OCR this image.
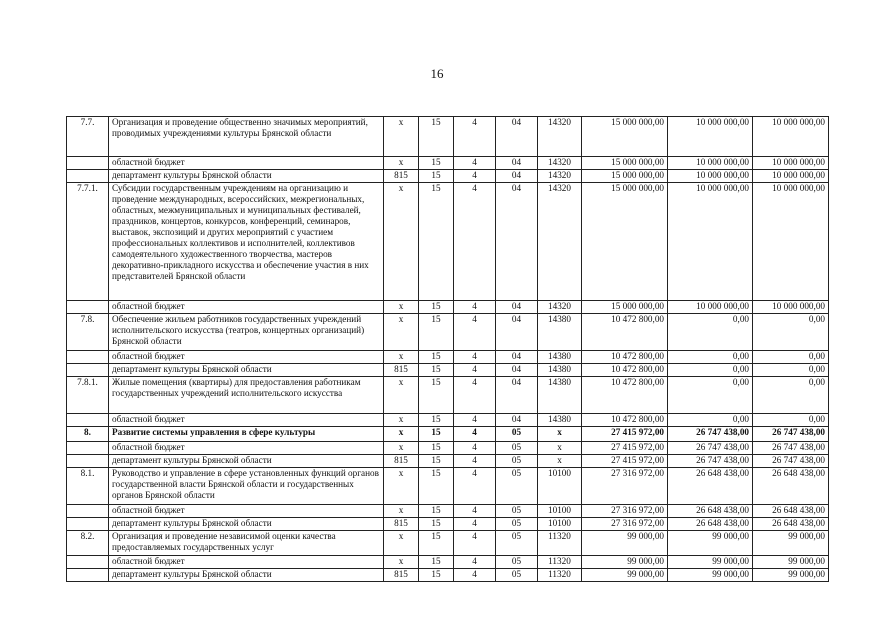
16
7.7.	Организация и проведение общественно значимых мероприятий, проводимых учреждениями культуры Брянской области	х	15	4	04	14320	15 000 000,00	10 000 000,00	10 000 000,00
	областной бюджет	х	15	4	04	14320	15 000 000,00	10 000 000,00	10 000 000,00
	департамент культуры Брянской области	815	15	4	04	14320	15 000 000,00	10 000 000,00	10 000 000,00
7.7.1.	Субсидии государственным учреждениям на организацию и проведение международных, всероссийских, межрегиональных, областных, межмуниципальных и муниципальных фестивалей, праздников, концертов, конкурсов, конференций, семинаров, выставок, экспозиций и других мероприятий с участием профессиональных коллективов и исполнителей, коллективов самодеятельного художественного творчества, мастеров декоративно-прикладного искусства и обеспечение участия в них представителей Брянской области	х	15	4	04	14320	15 000 000,00	10 000 000,00	10 000 000,00
	областной бюджет	х	15	4	04	14320	15 000 000,00	10 000 000,00	10 000 000,00
7.8.	Обеспечение жильем работников государственных учреждений исполнительского искусства (театров, концертных организаций) Брянской области	х	15	4	04	14380	10 472 800,00	0,00	0,00
	областной бюджет	х	15	4	04	14380	10 472 800,00	0,00	0,00
	департамент культуры Брянской области	815	15	4	04	14380	10 472 800,00	0,00	0,00
7.8.1.	Жилые помещения (квартиры) для предоставления работникам государственных учреждений исполнительского искусства	х	15	4	04	14380	10 472 800,00	0,00	0,00
	областной бюджет	х	15	4	04	14380	10 472 800,00	0,00	0,00
8.	Развитие системы управления в сфере культуры	х	15	4	05	х	27 415 972,00	26 747 438,00	26 747 438,00
	областной бюджет	х	15	4	05	х	27 415 972,00	26 747 438,00	26 747 438,00
	департамент культуры Брянской области	815	15	4	05	х	27 415 972,00	26 747 438,00	26 747 438,00
8.1.	Руководство и управление в сфере установленных функций органов государственной власти Брянской области и государственных органов Брянской области	х	15	4	05	10100	27 316 972,00	26 648 438,00	26 648 438,00
	областной бюджет	х	15	4	05	10100	27 316 972,00	26 648 438,00	26 648 438,00
	департамент культуры Брянской области	815	15	4	05	10100	27 316 972,00	26 648 438,00	26 648 438,00
8.2.	Организация и проведение независимой оценки качества предоставляемых государственных услуг	х	15	4	05	11320	99 000,00	99 000,00	99 000,00
	областной бюджет	х	15	4	05	11320	99 000,00	99 000,00	99 000,00
	департамент культуры Брянской области	815	15	4	05	11320	99 000,00	99 000,00	99 000,00
